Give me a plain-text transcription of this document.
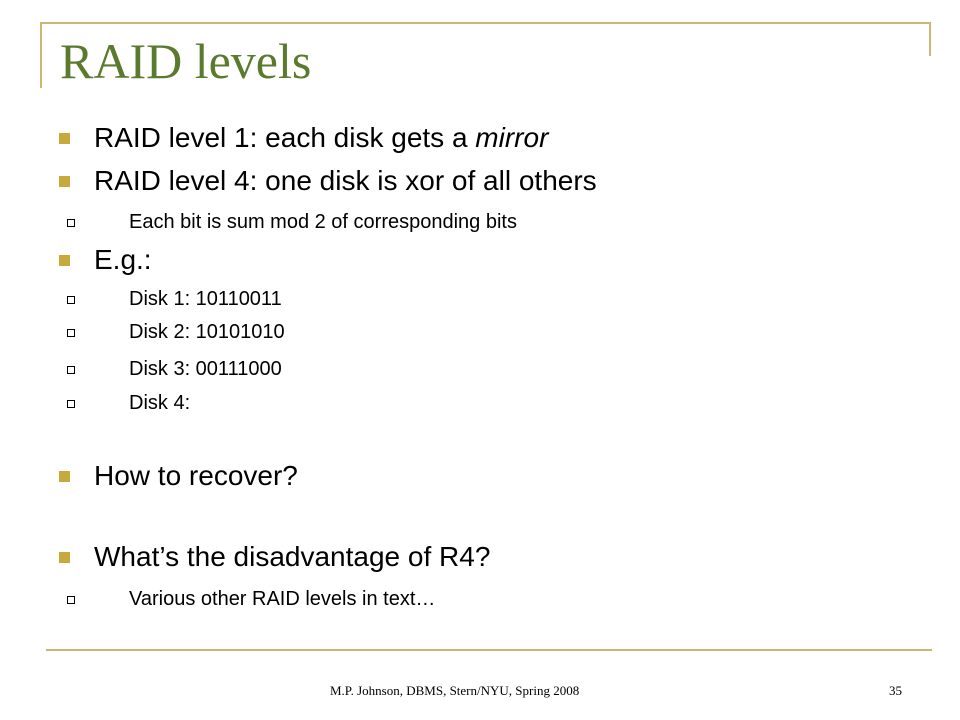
RAID levels
RAID level 1: each disk gets a mirror
RAID level 4: one disk is xor of all others
Each bit is sum mod 2 of corresponding bits
E.g.:
Disk 1: 10110011
Disk 2: 10101010
Disk 3: 00111000
Disk 4:
How to recover?
What’s the disadvantage of R4?
Various other RAID levels in text…
M.P. Johnson, DBMS, Stern/NYU, Spring 2008	35
